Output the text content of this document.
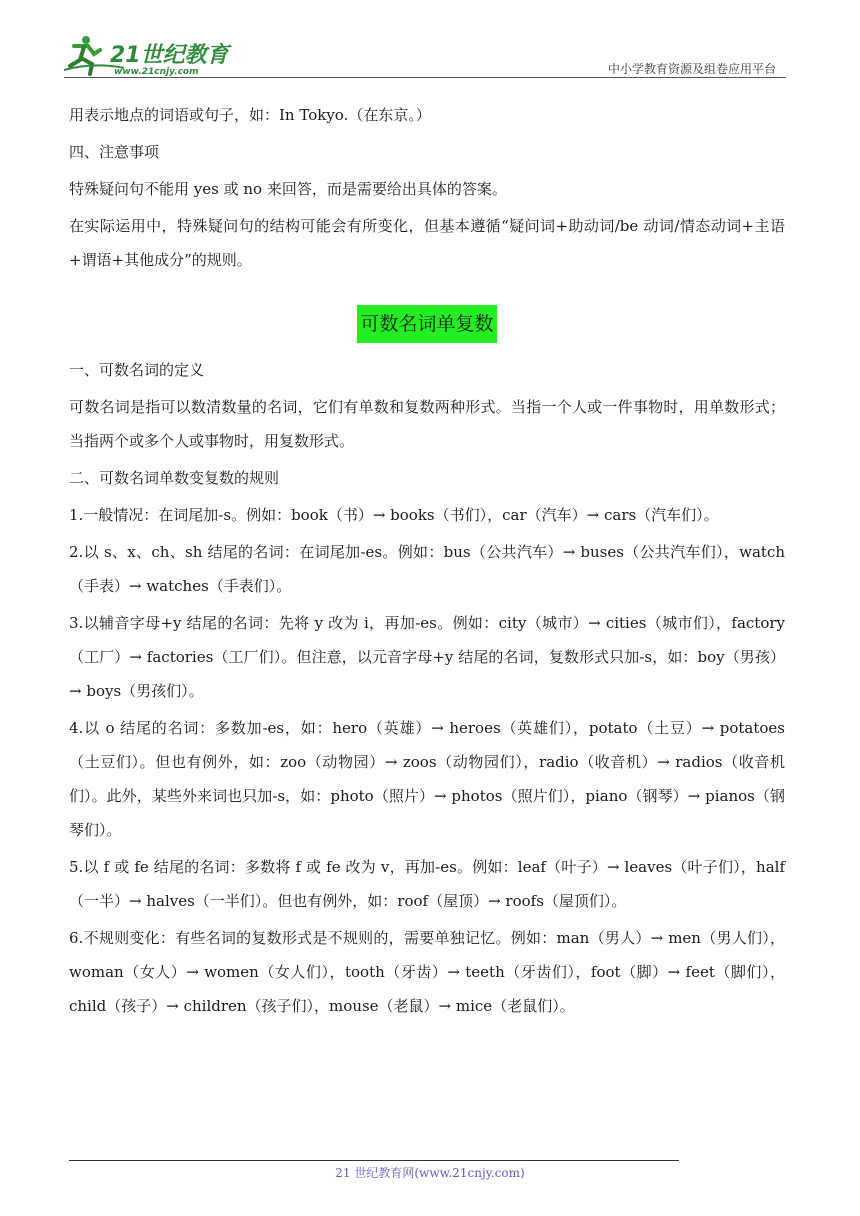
21世纪教育
www.21cnjy.com	中小学教育资源及组卷应用平台

用表示地点的词语或句子，如：In Tokyo.（在东京。）

四、注意事项

特殊疑问句不能用 yes 或 no 来回答，而是需要给出具体的答案。

在实际运用中，特殊疑问句的结构可能会有所变化，但基本遵循“疑问词+助动词/be 动词/情态动词+主语+谓语+其他成分”的规则。

可数名词单复数

一、可数名词的定义

可数名词是指可以数清数量的名词，它们有单数和复数两种形式。当指一个人或一件事物时，用单数形式；当指两个或多个人或事物时，用复数形式。

二、可数名词单数变复数的规则

1.一般情况：在词尾加-s。例如：book（书）→ books（书们），car（汽车）→ cars（汽车们）。

2.以 s、x、ch、sh 结尾的名词：在词尾加-es。例如：bus（公共汽车）→ buses（公共汽车们），watch（手表）→ watches（手表们）。

3.以辅音字母+y 结尾的名词：先将 y 改为 i，再加-es。例如：city（城市）→ cities（城市们），factory（工厂）→ factories（工厂们）。但注意，以元音字母+y 结尾的名词，复数形式只加-s，如：boy（男孩）→ boys（男孩们）。

4.以 o 结尾的名词：多数加-es，如：hero（英雄）→ heroes（英雄们），potato（土豆）→ potatoes（土豆们）。但也有例外，如：zoo（动物园）→ zoos（动物园们），radio（收音机）→ radios（收音机们）。此外，某些外来词也只加-s，如：photo（照片）→ photos（照片们），piano（钢琴）→ pianos（钢琴们）。

5.以 f 或 fe 结尾的名词：多数将 f 或 fe 改为 v，再加-es。例如：leaf（叶子）→ leaves（叶子们），half（一半）→ halves（一半们）。但也有例外，如：roof（屋顶）→ roofs（屋顶们）。

6.不规则变化：有些名词的复数形式是不规则的，需要单独记忆。例如：man（男人）→ men（男人们），woman（女人）→ women（女人们），tooth（牙齿）→ teeth（牙齿们），foot（脚）→ feet（脚们），child（孩子）→ children（孩子们），mouse（老鼠）→ mice（老鼠们）。

21 世纪教育网(www.21cnjy.com)
